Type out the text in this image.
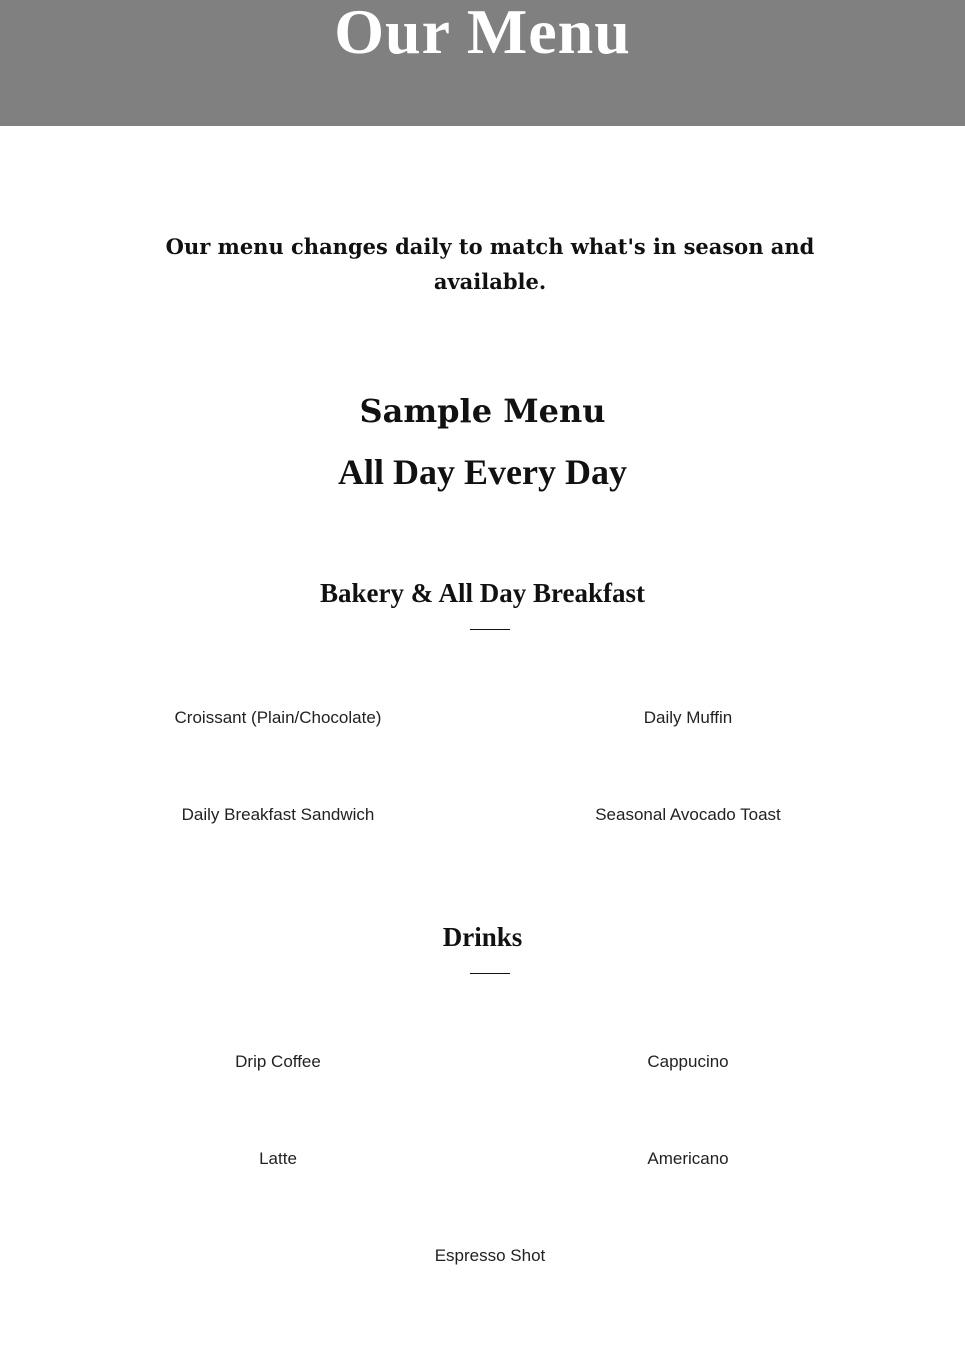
Our Menu

Our menu changes daily to match what's in season and available.

Sample Menu
All Day Every Day
Bakery & All Day Breakfast
Croissant (Plain/Chocolate)	Daily Muffin
Daily Breakfast Sandwich	Seasonal Avocado Toast
Drinks
Drip Coffee	Cappucino
Latte	Americano
Espresso Shot
